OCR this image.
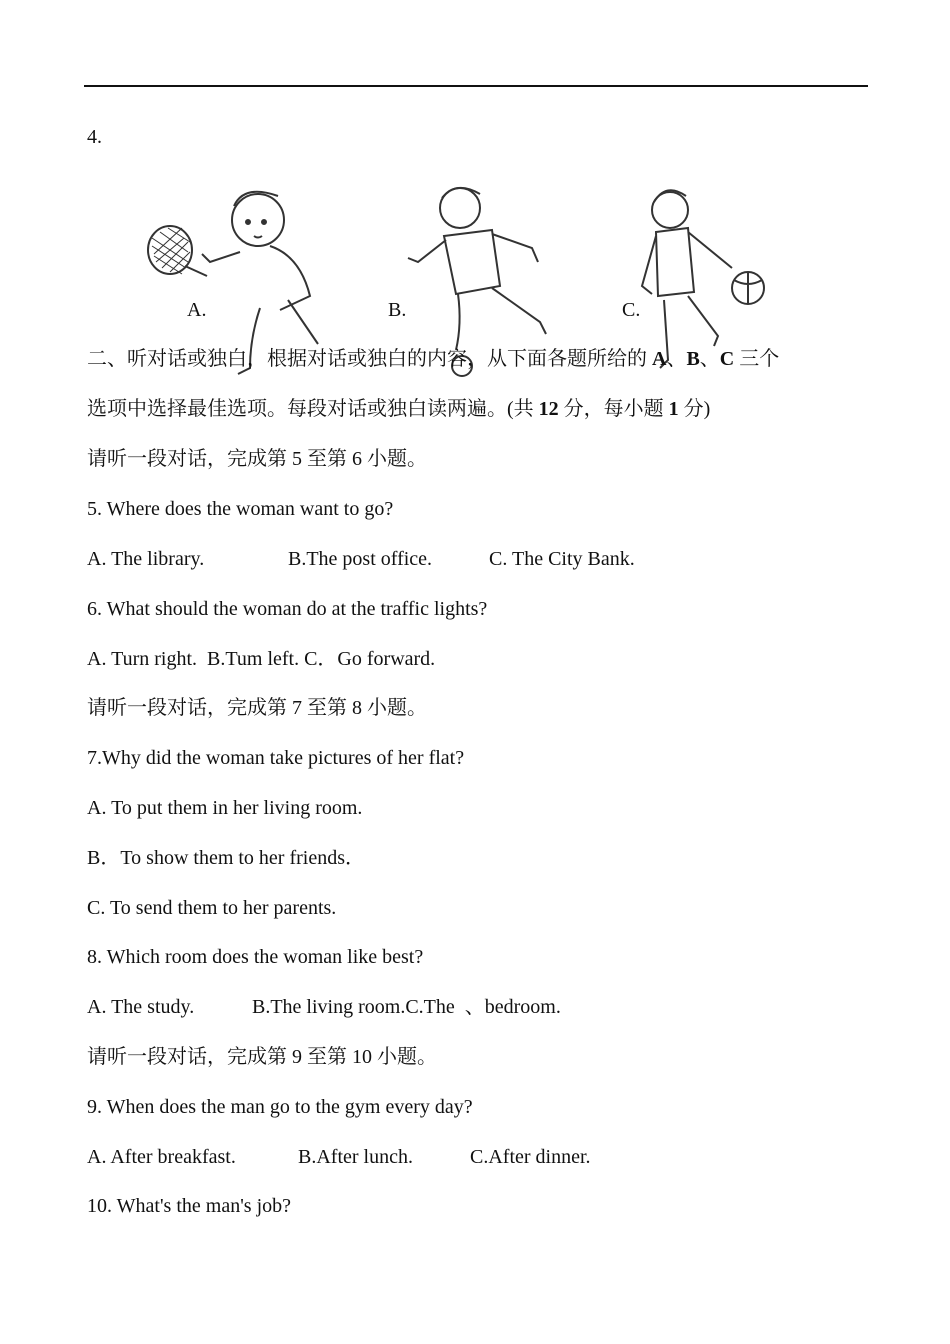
4.
A.	B.	C.
二、听对话或独白，根据对话或独白的内容，从下面各题所给的 A、B、C 三个
选项中选择最佳选项。每段对话或独白读两遍。(共 12 分，每小题 1 分)
请听一段对话，完成第 5 至第 6 小题。
5. Where does the woman want to go?
A. The library.	B.The post office.	C. The City Bank.
6. What should the woman do at the traffic lights?
A. Turn right.  B.Tum left. C．Go forward.
请听一段对话，完成第 7 至第 8 小题。
7.Why did the woman take pictures of her flat?
A. To put them in her living room.
B．To show them to her friends．
C. To send them to her parents.
8. Which room does the woman like best?
A. The study.	B.The living room.C.The  、bedroom.
请听一段对话，完成第 9 至第 10 小题。
9. When does the man go to the gym every day?
A. After breakfast.	B.After lunch.	C.After dinner.
10. What's the man's job?
